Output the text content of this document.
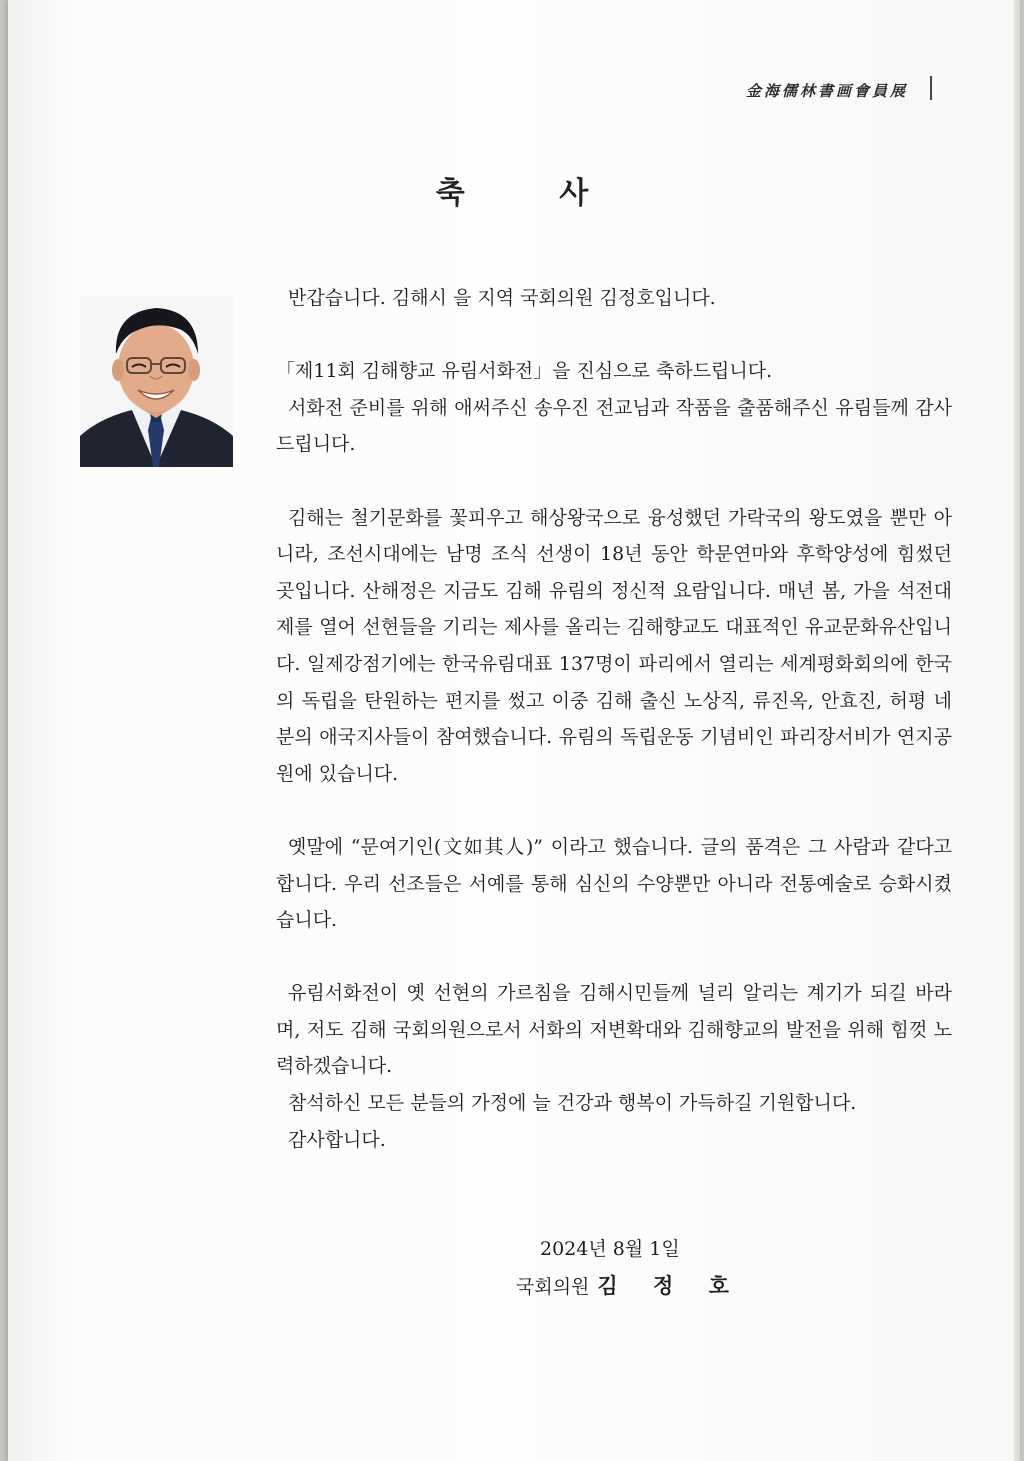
金海儒林書画會員展
축 사

반갑습니다. 김해시 을 지역 국회의원 김정호입니다.

「제11회 김해향교 유림서화전」을 진심으로 축하드립니다.

서화전 준비를 위해 애써주신 송우진 전교님과 작품을 출품해주신 유림들께 감사드립니다.

김해는 철기문화를 꽃피우고 해상왕국으로 융성했던 가락국의 왕도였을 뿐만 아니라, 조선시대에는 남명 조식 선생이 18년 동안 학문연마와 후학양성에 힘썼던 곳입니다. 산해정은 지금도 김해 유림의 정신적 요람입니다. 매년 봄, 가을 석전대제를 열어 선현들을 기리는 제사를 올리는 김해향교도 대표적인 유교문화유산입니다. 일제강점기에는 한국유림대표 137명이 파리에서 열리는 세계평화회의에 한국의 독립을 탄원하는 편지를 썼고 이중 김해 출신 노상직, 류진옥, 안효진, 허평 네 분의 애국지사들이 참여했습니다. 유림의 독립운동 기념비인 파리장서비가 연지공원에 있습니다.

옛말에 “문여기인(文如其人)” 이라고 했습니다. 글의 품격은 그 사람과 같다고 합니다. 우리 선조들은 서예를 통해 심신의 수양뿐만 아니라 전통예술로 승화시켰습니다.

유림서화전이 옛 선현의 가르침을 김해시민들께 널리 알리는 계기가 되길 바라며, 저도 김해 국회의원으로서 서화의 저변확대와 김해향교의 발전을 위해 힘껏 노력하겠습니다.

참석하신 모든 분들의 가정에 늘 건강과 행복이 가득하길 기원합니다.

감사합니다.

2024년 8월 1일
국회의원 김 정 호
